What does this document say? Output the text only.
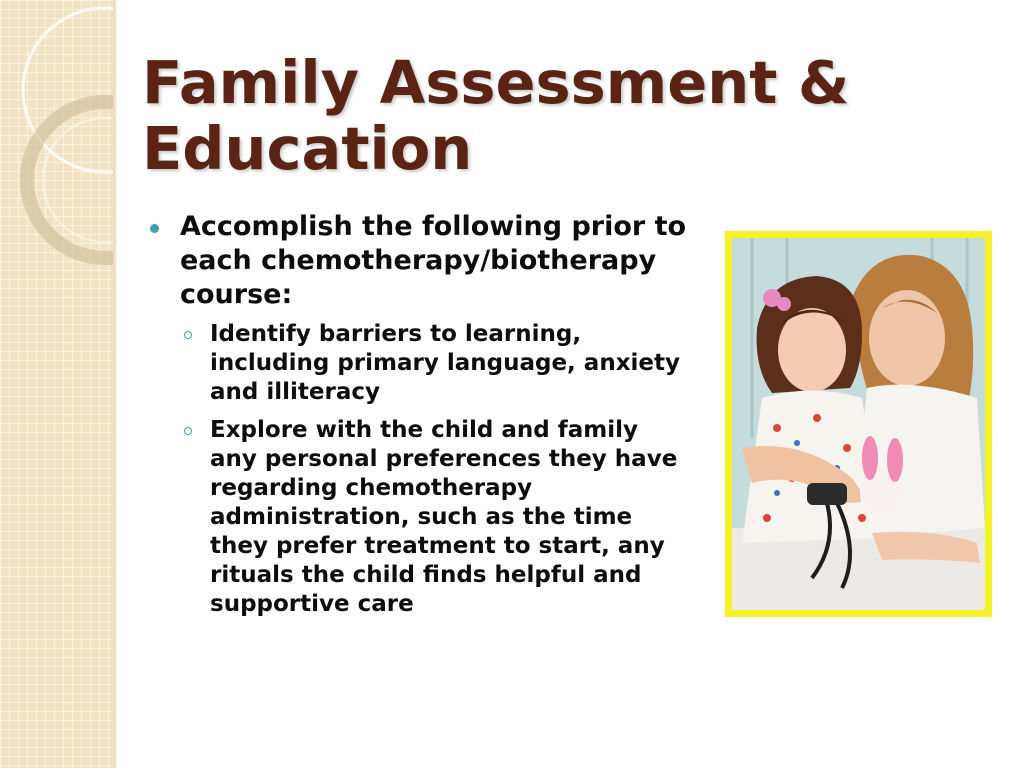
Family Assessment & Education
Accomplish the following prior to each chemotherapy/biotherapy course:
Identify barriers to learning, including primary language, anxiety and illiteracy
Explore with the child and family any personal preferences they have regarding chemotherapy administration, such as the time they prefer treatment to start, any rituals the child finds helpful and supportive care
